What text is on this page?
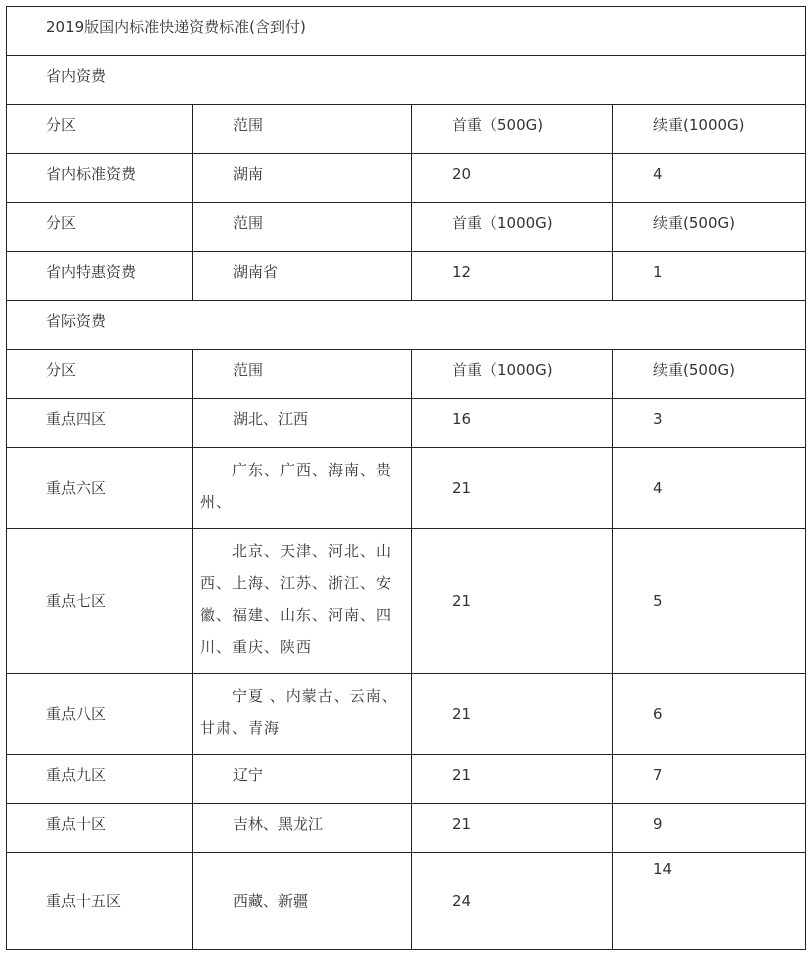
2019版国内标准快递资费标准(含到付)			

省内资费			

分区	范围	首重（500G)	续重(1000G)

省内标准资费	湖南	20	4

分区	范围	首重（1000G)	续重(500G)

省内特惠资费	湖南省	12	1

省际资费			

分区	范围	首重（1000G)	续重(500G)

重点四区	湖北、江西	16	3

重点六区	广东、广西、海南、贵州、	21	4

重点七区	北京、天津、河北、山西、上海、江苏、浙江、安徽、福建、山东、河南、四川、重庆、陕西	21	5

重点八区	宁夏 、内蒙古、云南、甘肃、青海	21	6

重点九区	辽宁	21	7

重点十区	吉林、黑龙江	21	9

重点十五区	西藏、新疆	24	14
